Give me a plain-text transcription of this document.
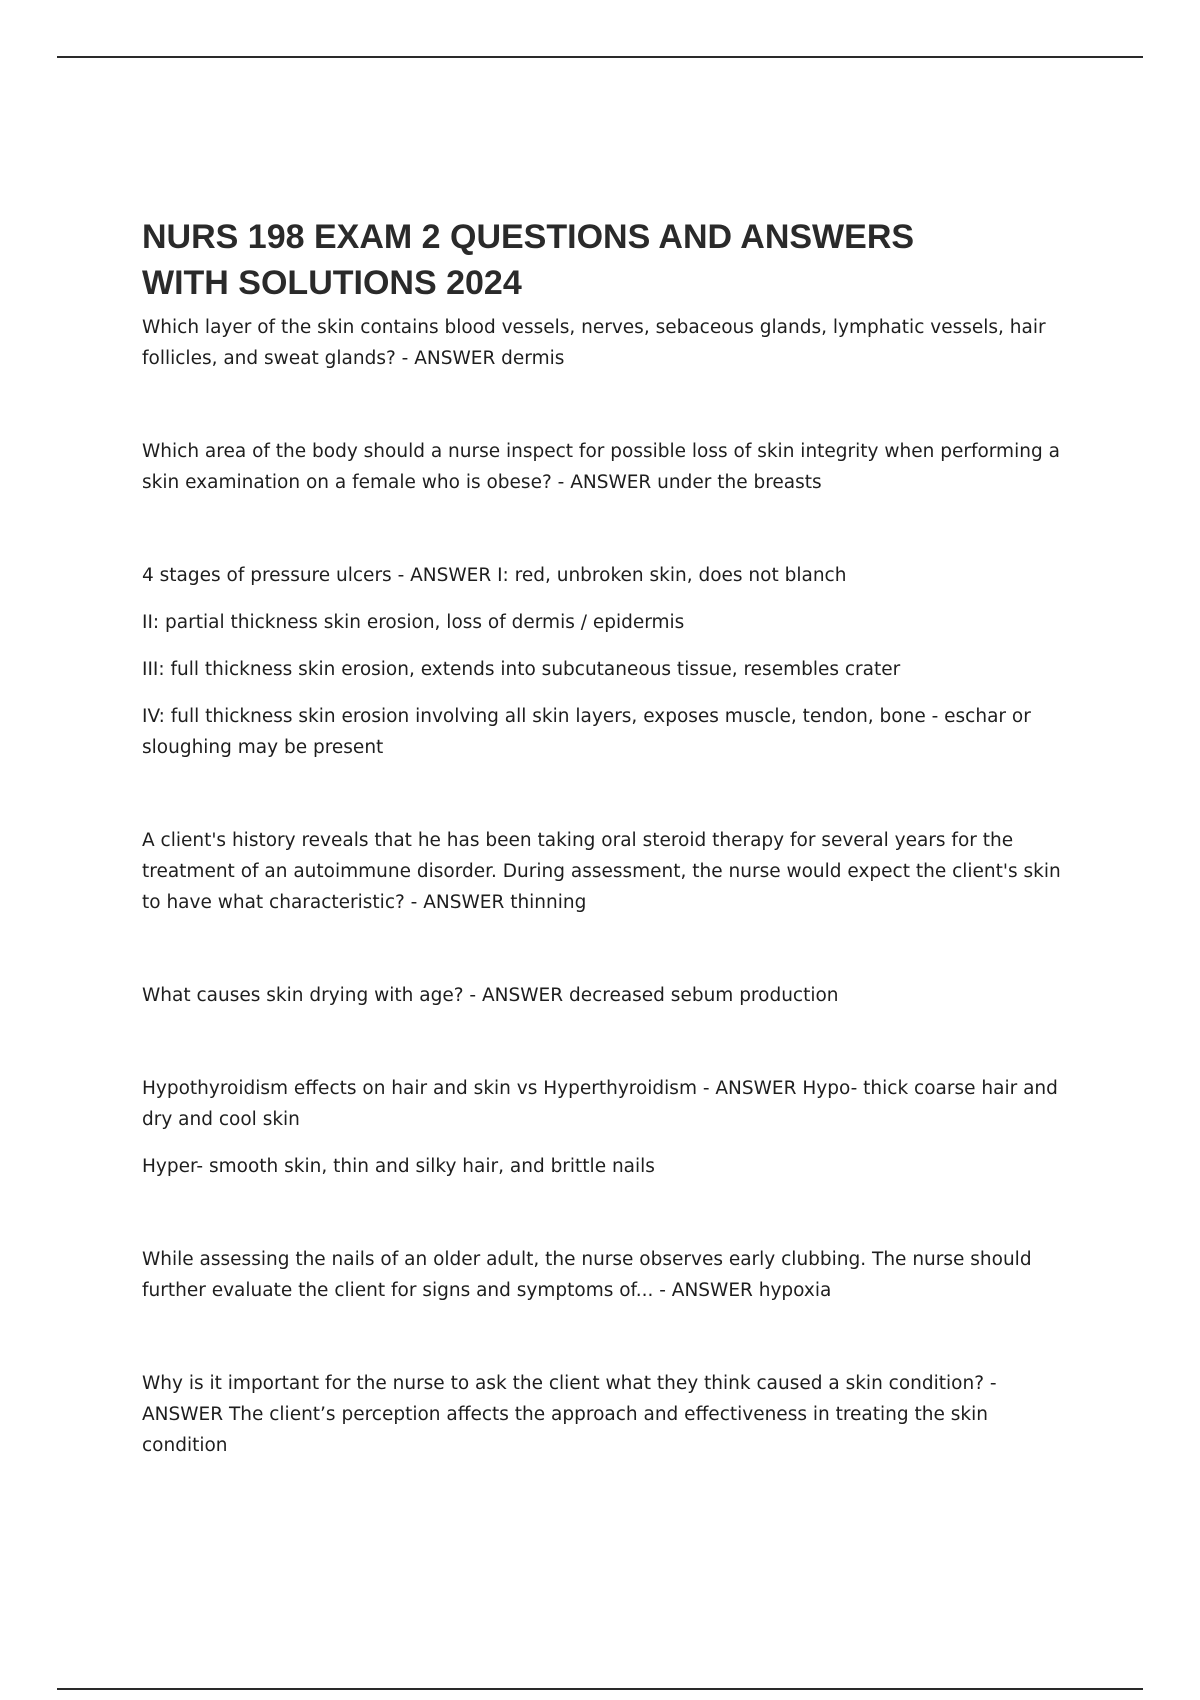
NURS 198 EXAM 2 QUESTIONS AND ANSWERS
WITH SOLUTIONS 2024

Which layer of the skin contains blood vessels, nerves, sebaceous glands, lymphatic vessels, hair follicles, and sweat glands? - ANSWER dermis

Which area of the body should a nurse inspect for possible loss of skin integrity when performing a skin examination on a female who is obese? - ANSWER under the breasts

4 stages of pressure ulcers - ANSWER I: red, unbroken skin, does not blanch

II: partial thickness skin erosion, loss of dermis / epidermis

III: full thickness skin erosion, extends into subcutaneous tissue, resembles crater

IV: full thickness skin erosion involving all skin layers, exposes muscle, tendon, bone - eschar or sloughing may be present

A client's history reveals that he has been taking oral steroid therapy for several years for the treatment of an autoimmune disorder. During assessment, the nurse would expect the client's skin to have what characteristic? - ANSWER thinning

What causes skin drying with age? - ANSWER decreased sebum production

Hypothyroidism effects on hair and skin vs Hyperthyroidism - ANSWER Hypo- thick coarse hair and dry and cool skin

Hyper- smooth skin, thin and silky hair, and brittle nails

While assessing the nails of an older adult, the nurse observes early clubbing. The nurse should further evaluate the client for signs and symptoms of... - ANSWER hypoxia

Why is it important for the nurse to ask the client what they think caused a skin condition? - ANSWER The client’s perception affects the approach and effectiveness in treating the skin condition
